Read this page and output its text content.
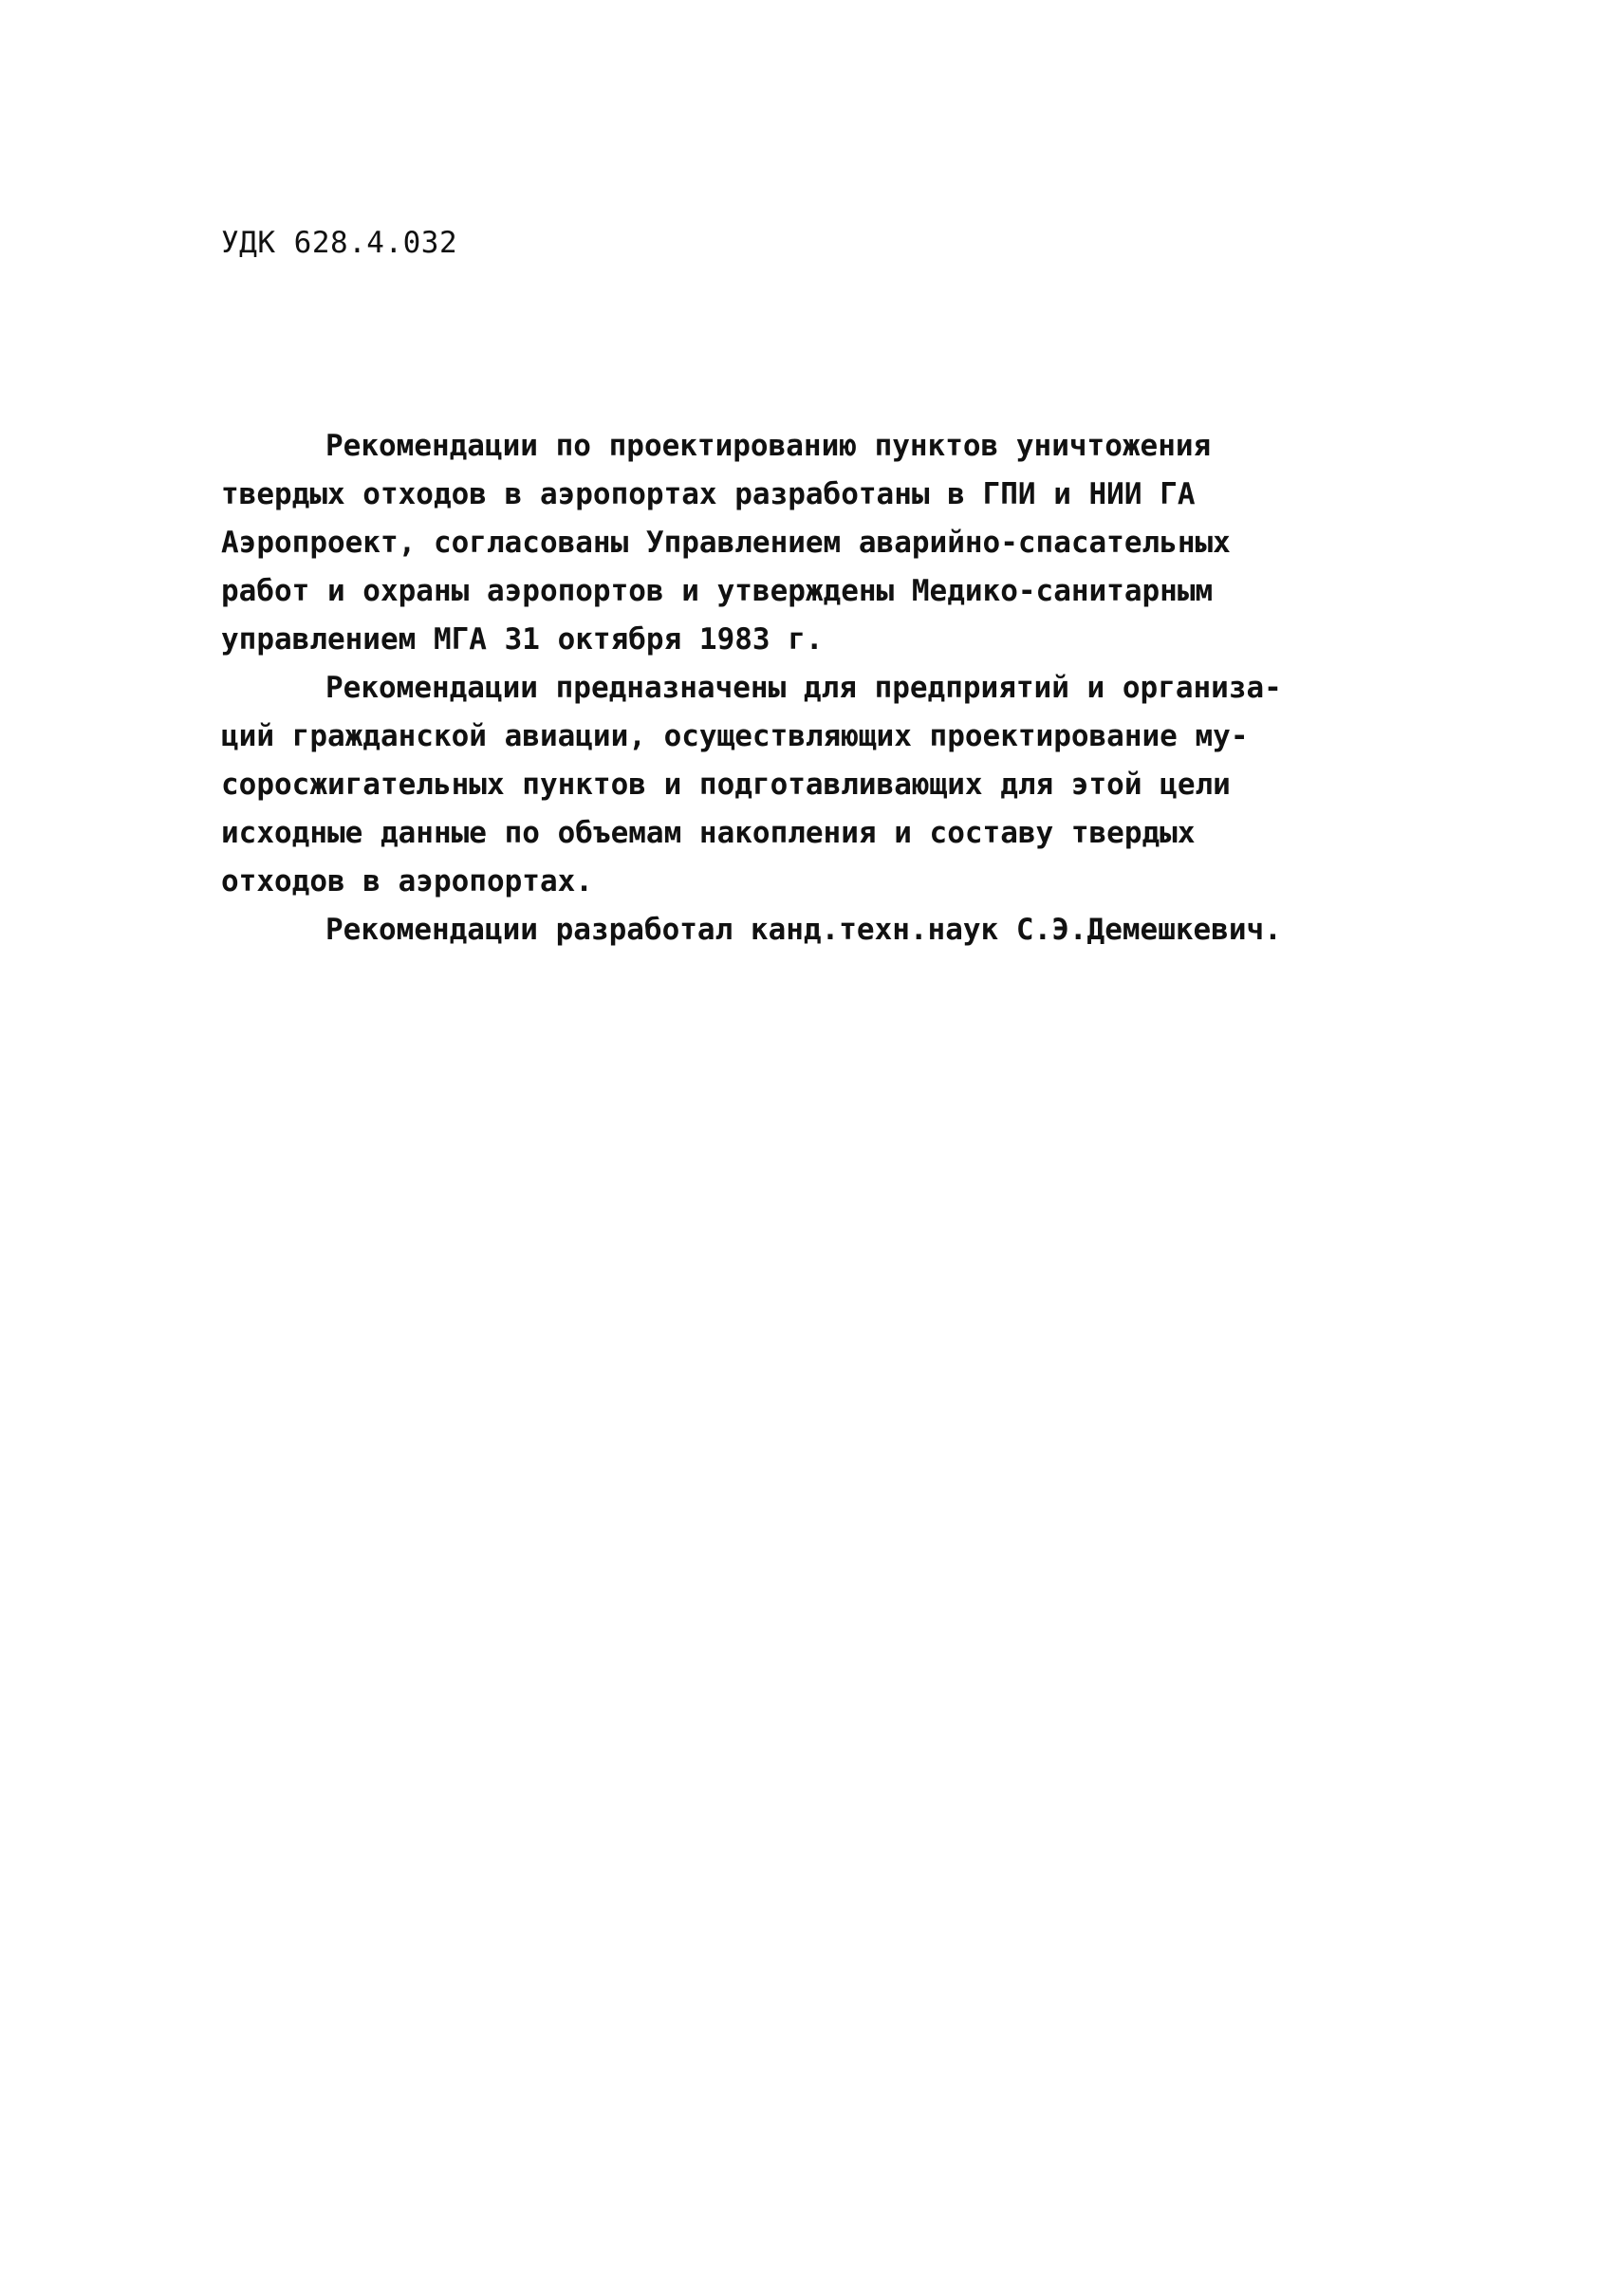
УДК 628.4.032
Рекомендации по проектированию пунктов уничтожения
твердых отходов в аэропортах разработаны в ГПИ и НИИ ГА
Аэропроект, согласованы Управлением аварийно-спасательных
работ и охраны аэропортов и утверждены Медико-санитарным
управлением МГА 31 октября 1983 г.
Рекомендации предназначены для предприятий и организа-
ций гражданской авиации, осуществляющих проектирование му-
соросжигательных пунктов и подготавливающих для этой цели
исходные данные по объемам накопления и составу твердых
отходов в аэропортах.
Рекомендации разработал канд.техн.наук С.Э.Демешкевич.
